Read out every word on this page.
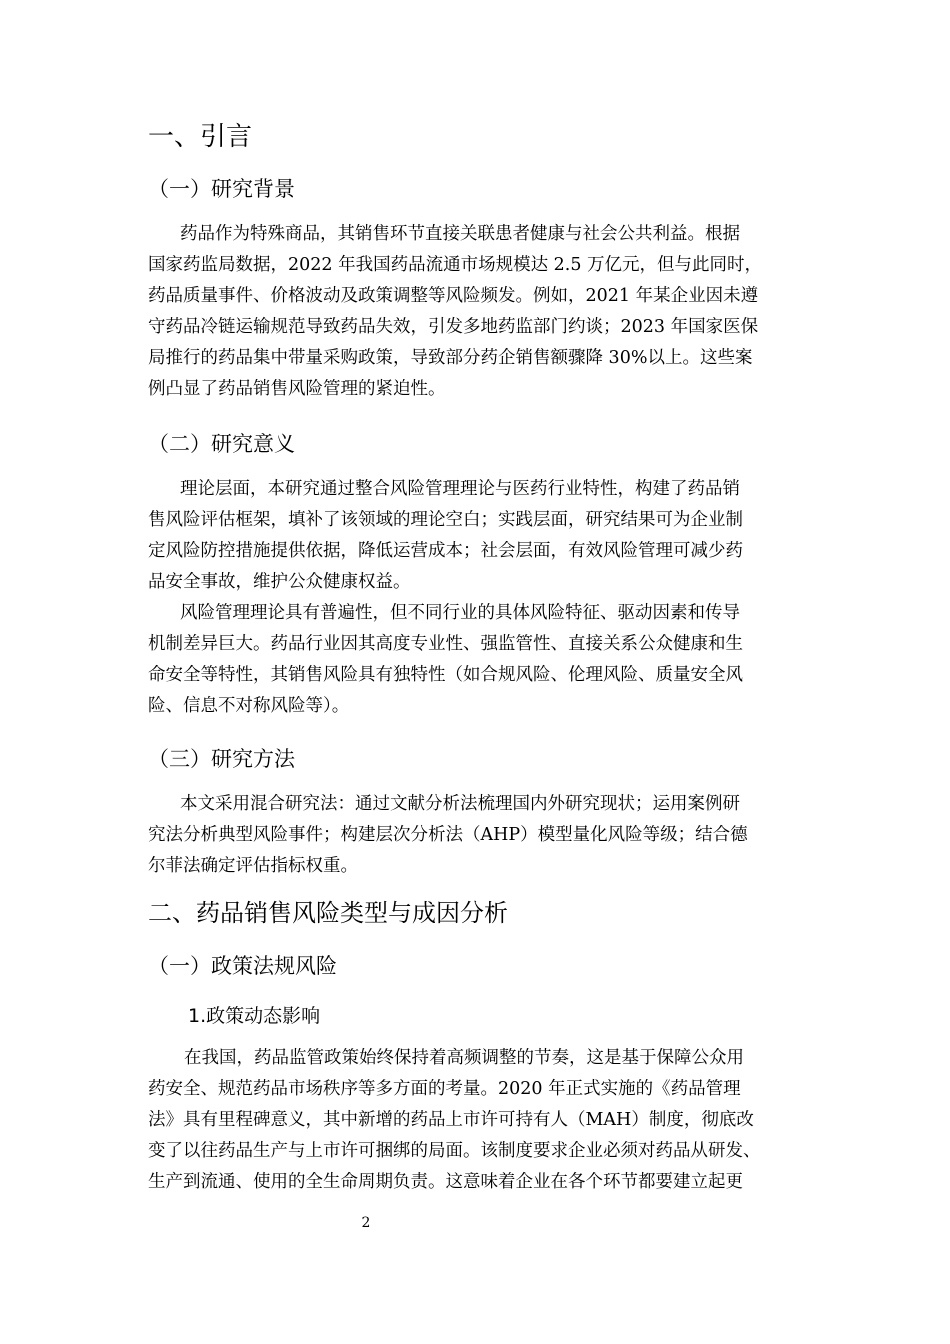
一、引言
（一）研究背景
药品作为特殊商品，其销售环节直接关联患者健康与社会公共利益。根据
国家药监局数据，2022 年我国药品流通市场规模达 2.5 万亿元，但与此同时，
药品质量事件、价格波动及政策调整等风险频发。例如，2021 年某企业因未遵
守药品冷链运输规范导致药品失效，引发多地药监部门约谈；2023 年国家医保
局推行的药品集中带量采购政策，导致部分药企销售额骤降 30%以上。这些案
例凸显了药品销售风险管理的紧迫性。
（二）研究意义
理论层面，本研究通过整合风险管理理论与医药行业特性，构建了药品销
售风险评估框架，填补了该领域的理论空白；实践层面，研究结果可为企业制
定风险防控措施提供依据，降低运营成本；社会层面，有效风险管理可减少药
品安全事故，维护公众健康权益。
风险管理理论具有普遍性，但不同行业的具体风险特征、驱动因素和传导
机制差异巨大。药品行业因其高度专业性、强监管性、直接关系公众健康和生
命安全等特性，其销售风险具有独特性（如合规风险、伦理风险、质量安全风
险、信息不对称风险等）。
（三）研究方法
本文采用混合研究法：通过文献分析法梳理国内外研究现状；运用案例研
究法分析典型风险事件；构建层次分析法（AHP）模型量化风险等级；结合德
尔菲法确定评估指标权重。
二、药品销售风险类型与成因分析
（一）政策法规风险
1.政策动态影响
在我国，药品监管政策始终保持着高频调整的节奏，这是基于保障公众用
药安全、规范药品市场秩序等多方面的考量。2020 年正式实施的《药品管理
法》具有里程碑意义，其中新增的药品上市许可持有人（MAH）制度，彻底改
变了以往药品生产与上市许可捆绑的局面。该制度要求企业必须对药品从研发、
生产到流通、使用的全生命周期负责。这意味着企业在各个环节都要建立起更
2
